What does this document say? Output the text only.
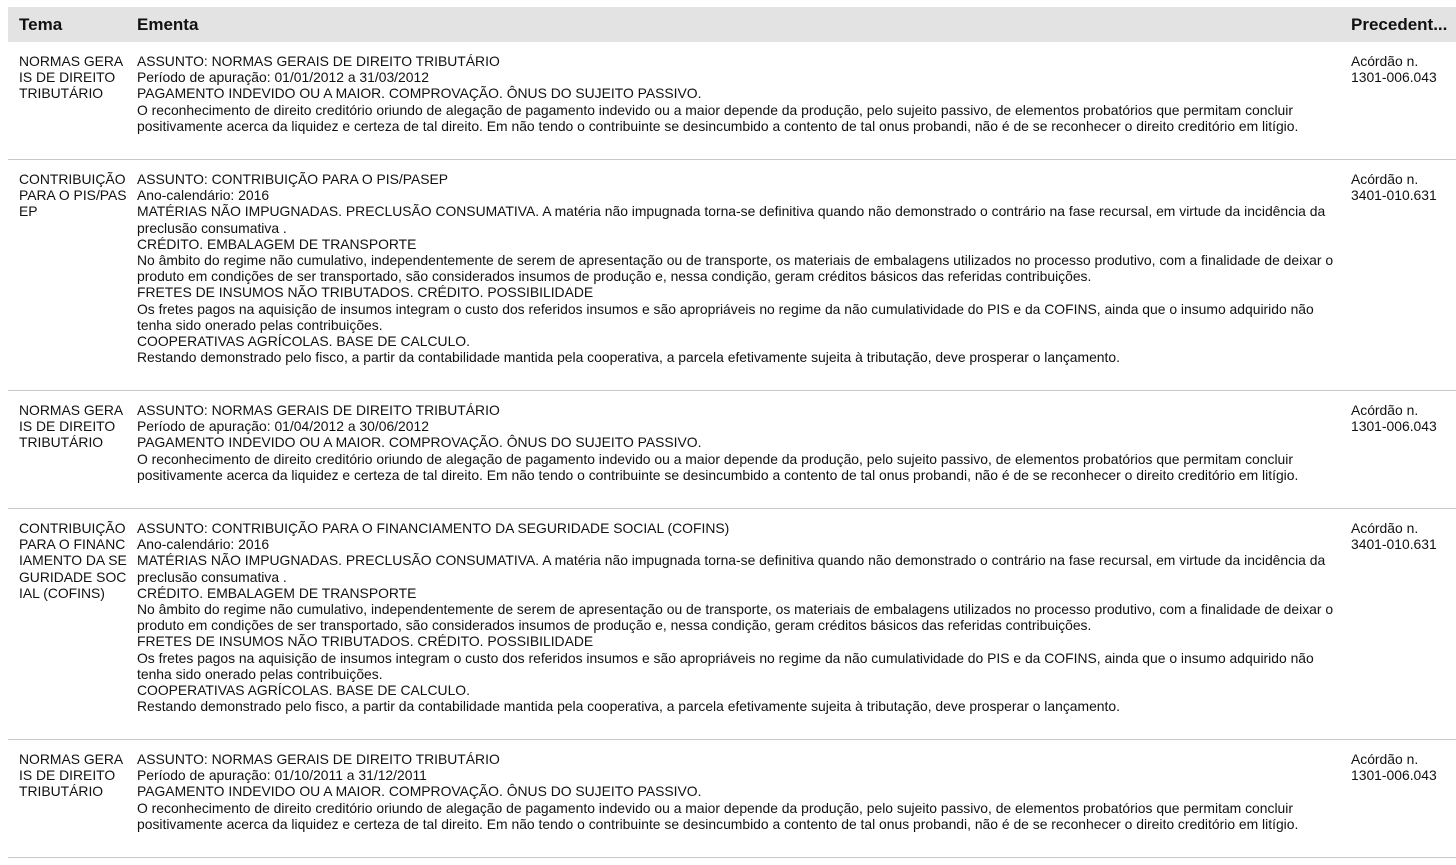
Tema	Ementa	Precedent...
NORMAS GERAIS DE DIREITO TRIBUTÁRIO
ASSUNTO: NORMAS GERAIS DE DIREITO TRIBUTÁRIO
Período de apuração: 01/01/2012 a 31/03/2012
PAGAMENTO INDEVIDO OU A MAIOR. COMPROVAÇÃO. ÔNUS DO SUJEITO PASSIVO.
O reconhecimento de direito creditório oriundo de alegação de pagamento indevido ou a maior depende da produção, pelo sujeito passivo, de elementos probatórios que permitam concluir positivamente acerca da liquidez e certeza de tal direito. Em não tendo o contribuinte se desincumbido a contento de tal onus probandi, não é de se reconhecer o direito creditório em litígio.
Acórdão n. 1301-006.043
CONTRIBUIÇÃO PARA O PIS/PASEP
ASSUNTO: CONTRIBUIÇÃO PARA O PIS/PASEP
Ano-calendário: 2016
MATÉRIAS NÃO IMPUGNADAS. PRECLUSÃO CONSUMATIVA. A matéria não impugnada torna-se definitiva quando não demonstrado o contrário na fase recursal, em virtude da incidência da preclusão consumativa .
CRÉDITO. EMBALAGEM DE TRANSPORTE
No âmbito do regime não cumulativo, independentemente de serem de apresentação ou de transporte, os materiais de embalagens utilizados no processo produtivo, com a finalidade de deixar o produto em condições de ser transportado, são considerados insumos de produção e, nessa condição, geram créditos básicos das referidas contribuições.
FRETES DE INSUMOS NÃO TRIBUTADOS. CRÉDITO. POSSIBILIDADE
Os fretes pagos na aquisição de insumos integram o custo dos referidos insumos e são apropriáveis no regime da não cumulatividade do PIS e da COFINS, ainda que o insumo adquirido não tenha sido onerado pelas contribuições.
COOPERATIVAS AGRÍCOLAS. BASE DE CALCULO.
Restando demonstrado pelo fisco, a partir da contabilidade mantida pela cooperativa, a parcela efetivamente sujeita à tributação, deve prosperar o lançamento.
Acórdão n. 3401-010.631
NORMAS GERAIS DE DIREITO TRIBUTÁRIO
ASSUNTO: NORMAS GERAIS DE DIREITO TRIBUTÁRIO
Período de apuração: 01/04/2012 a 30/06/2012
PAGAMENTO INDEVIDO OU A MAIOR. COMPROVAÇÃO. ÔNUS DO SUJEITO PASSIVO.
O reconhecimento de direito creditório oriundo de alegação de pagamento indevido ou a maior depende da produção, pelo sujeito passivo, de elementos probatórios que permitam concluir positivamente acerca da liquidez e certeza de tal direito. Em não tendo o contribuinte se desincumbido a contento de tal onus probandi, não é de se reconhecer o direito creditório em litígio.
Acórdão n. 1301-006.043
CONTRIBUIÇÃO PARA O FINANCIAMENTO DA SEGURIDADE SOCIAL (COFINS)
ASSUNTO: CONTRIBUIÇÃO PARA O FINANCIAMENTO DA SEGURIDADE SOCIAL (COFINS)
Ano-calendário: 2016
MATÉRIAS NÃO IMPUGNADAS. PRECLUSÃO CONSUMATIVA. A matéria não impugnada torna-se definitiva quando não demonstrado o contrário na fase recursal, em virtude da incidência da preclusão consumativa .
CRÉDITO. EMBALAGEM DE TRANSPORTE
No âmbito do regime não cumulativo, independentemente de serem de apresentação ou de transporte, os materiais de embalagens utilizados no processo produtivo, com a finalidade de deixar o produto em condições de ser transportado, são considerados insumos de produção e, nessa condição, geram créditos básicos das referidas contribuições.
FRETES DE INSUMOS NÃO TRIBUTADOS. CRÉDITO. POSSIBILIDADE
Os fretes pagos na aquisição de insumos integram o custo dos referidos insumos e são apropriáveis no regime da não cumulatividade do PIS e da COFINS, ainda que o insumo adquirido não tenha sido onerado pelas contribuições.
COOPERATIVAS AGRÍCOLAS. BASE DE CALCULO.
Restando demonstrado pelo fisco, a partir da contabilidade mantida pela cooperativa, a parcela efetivamente sujeita à tributação, deve prosperar o lançamento.
Acórdão n. 3401-010.631
NORMAS GERAIS DE DIREITO TRIBUTÁRIO
ASSUNTO: NORMAS GERAIS DE DIREITO TRIBUTÁRIO
Período de apuração: 01/10/2011 a 31/12/2011
PAGAMENTO INDEVIDO OU A MAIOR. COMPROVAÇÃO. ÔNUS DO SUJEITO PASSIVO.
O reconhecimento de direito creditório oriundo de alegação de pagamento indevido ou a maior depende da produção, pelo sujeito passivo, de elementos probatórios que permitam concluir positivamente acerca da liquidez e certeza de tal direito. Em não tendo o contribuinte se desincumbido a contento de tal onus probandi, não é de se reconhecer o direito creditório em litígio.
Acórdão n. 1301-006.043
